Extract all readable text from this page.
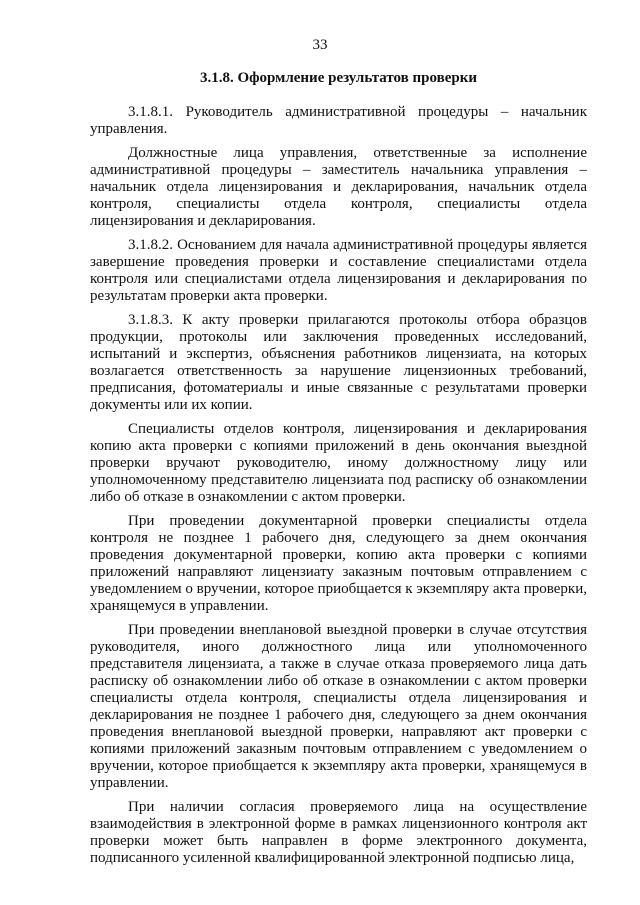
33

3.1.8. Оформление результатов проверки

3.1.8.1. Руководитель административной процедуры – начальник управления.

Должностные лица управления, ответственные за исполнение административной процедуры – заместитель начальника управления – начальник отдела лицензирования и декларирования, начальник отдела контроля, специалисты отдела контроля, специалисты отдела лицензирования и декларирования.

3.1.8.2. Основанием для начала административной процедуры является завершение проведения проверки и составление специалистами отдела контроля или специалистами отдела лицензирования и декларирования по результатам проверки акта проверки.

3.1.8.3. К акту проверки прилагаются протоколы отбора образцов продукции, протоколы или заключения проведенных исследований, испытаний и экспертиз, объяснения работников лицензиата, на которых возлагается ответственность за нарушение лицензионных требований, предписания, фотоматериалы и иные связанные с результатами проверки документы или их копии.

Специалисты отделов контроля, лицензирования и декларирования копию акта проверки с копиями приложений в день окончания выездной проверки вручают руководителю, иному должностному лицу или уполномоченному представителю лицензиата под расписку об ознакомлении либо об отказе в ознакомлении с актом проверки.

При проведении документарной проверки специалисты отдела контроля не позднее 1 рабочего дня, следующего за днем окончания проведения документарной проверки, копию акта проверки с копиями приложений направляют лицензиату заказным почтовым отправлением с уведомлением о вручении, которое приобщается к экземпляру акта проверки, хранящемуся в управлении.

При проведении внеплановой выездной проверки в случае отсутствия руководителя, иного должностного лица или уполномоченного представителя лицензиата, а также в случае отказа проверяемого лица дать расписку об ознакомлении либо об отказе в ознакомлении с актом проверки специалисты отдела контроля, специалисты отдела лицензирования и декларирования не позднее 1 рабочего дня, следующего за днем окончания проведения внеплановой выездной проверки, направляют акт проверки с копиями приложений заказным почтовым отправлением с уведомлением о вручении, которое приобщается к экземпляру акта проверки, хранящемуся в управлении.

При наличии согласия проверяемого лица на осуществление взаимодействия в электронной форме в рамках лицензионного контроля акт проверки может быть направлен в форме электронного документа, подписанного усиленной квалифицированной электронной подписью лица,
